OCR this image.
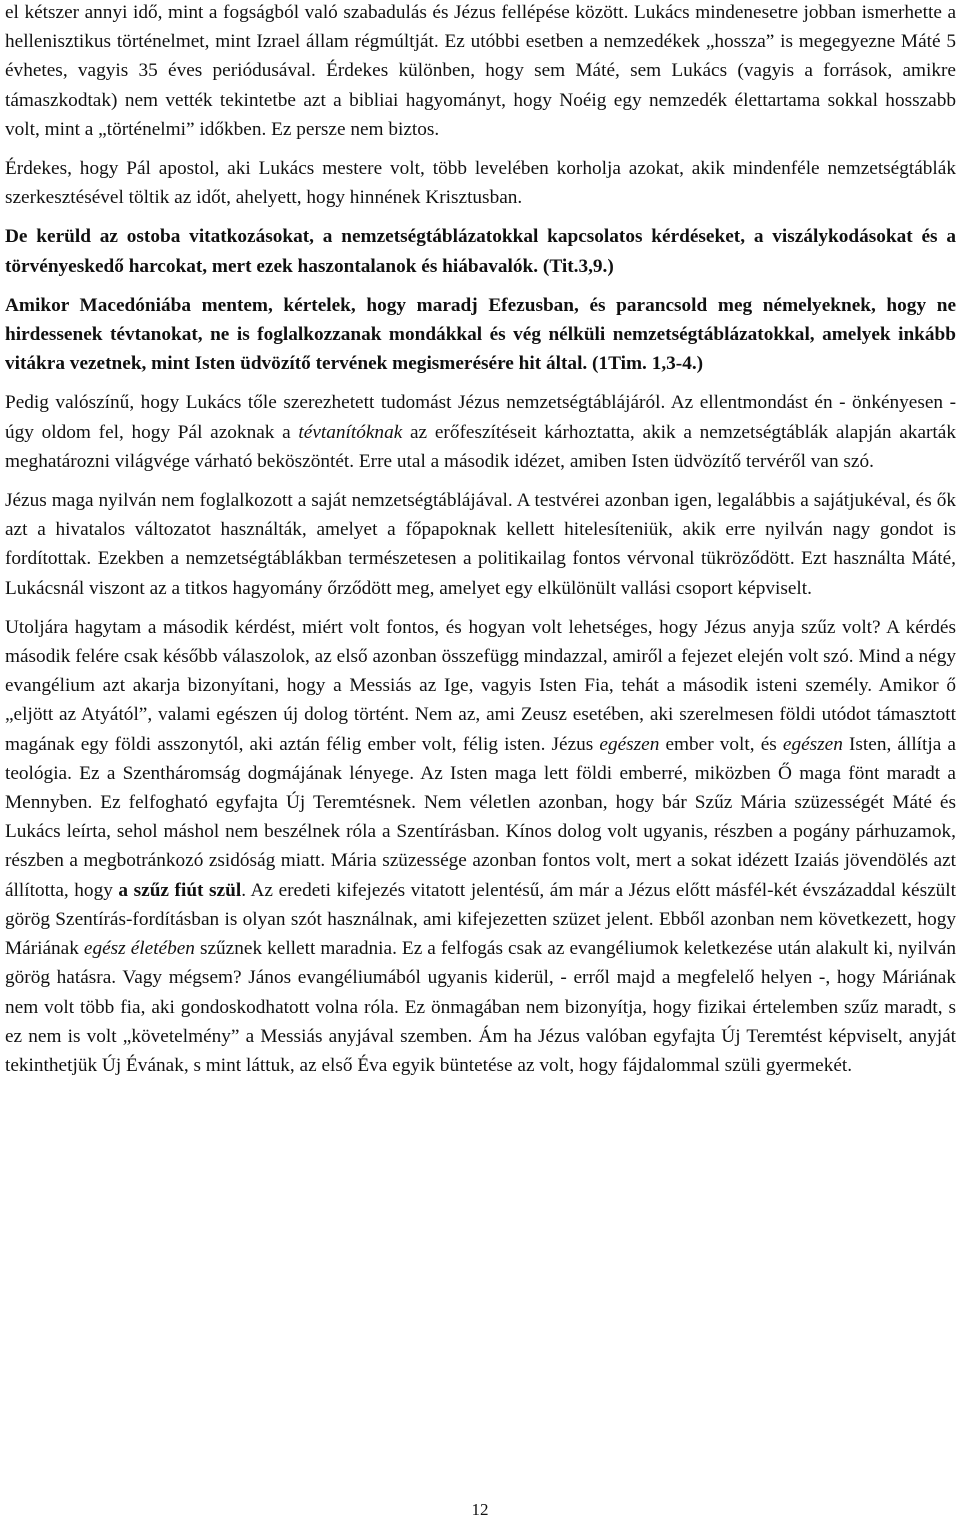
el kétszer annyi idő, mint a fogságból való szabadulás és Jézus fellépése között. Lukács mindenesetre jobban ismerhette a hellenisztikus történelmet, mint Izrael állam régmúltját. Ez utóbbi esetben a nemzedékek „hossza” is megegyezne Máté 5 évhetes, vagyis 35 éves periódusával. Érdekes különben, hogy sem Máté, sem Lukács (vagyis a források, amikre támaszkodtak) nem vették tekintetbe azt a bibliai hagyományt, hogy Noéig egy nemzedék élettartama sokkal hosszabb volt, mint a „történelmi” időkben. Ez persze nem biztos.

Érdekes, hogy Pál apostol, aki Lukács mestere volt, több levelében korholja azokat, akik mindenféle nemzetségtáblák szerkesztésével töltik az időt, ahelyett, hogy hinnének Krisztusban.

De kerüld az ostoba vitatkozásokat, a nemzetségtáblázatokkal kapcsolatos kérdéseket, a viszálykodásokat és a törvényeskedő harcokat, mert ezek haszontalanok és hiábavalók. (Tit.3,9.)

Amikor Macedóniába mentem, kértelek, hogy maradj Efezusban, és parancsold meg némelyeknek, hogy ne hirdessenek tévtanokat, ne is foglalkozzanak mondákkal és vég nélküli nemzetségtáblázatokkal, amelyek inkább vitákra vezetnek, mint Isten üdvözítő tervének megismerésére hit által. (1Tim. 1,3-4.)

Pedig valószínű, hogy Lukács tőle szerezhetett tudomást Jézus nemzetségtáblájáról. Az ellentmondást én - önkényesen - úgy oldom fel, hogy Pál azoknak a tévtanítóknak az erőfeszítéseit kárhoztatta, akik a nemzetségtáblák alapján akarták meghatározni világvége várható beköszöntét. Erre utal a második idézet, amiben Isten üdvözítő tervéről van szó.

Jézus maga nyilván nem foglalkozott a saját nemzetségtáblájával. A testvérei azonban igen, legalábbis a sajátjukéval, és ők azt a hivatalos változatot használták, amelyet a főpapoknak kellett hitelesíteniük, akik erre nyilván nagy gondot is fordítottak. Ezekben a nemzetségtáblákban természetesen a politikailag fontos vérvonal tükröződött. Ezt használta Máté, Lukácsnál viszont az a titkos hagyomány őrződött meg, amelyet egy elkülönült vallási csoport képviselt.

Utoljára hagytam a második kérdést, miért volt fontos, és hogyan volt lehetséges, hogy Jézus anyja szűz volt? A kérdés második felére csak később válaszolok, az első azonban összefügg mindazzal, amiről a fejezet elején volt szó. Mind a négy evangélium azt akarja bizonyítani, hogy a Messiás az Ige, vagyis Isten Fia, tehát a második isteni személy. Amikor ő „eljött az Atyától”, valami egészen új dolog történt. Nem az, ami Zeusz esetében, aki szerelmesen földi utódot támasztott magának egy földi asszonytól, aki aztán félig ember volt, félig isten. Jézus egészen ember volt, és egészen Isten, állítja a teológia. Ez a Szentháromság dogmájának lényege. Az Isten maga lett földi emberré, miközben Ő maga fönt maradt a Mennyben. Ez felfogható egyfajta Új Teremtésnek. Nem véletlen azonban, hogy bár Szűz Mária szüzességét Máté és Lukács leírta, sehol máshol nem beszélnek róla a Szentírásban. Kínos dolog volt ugyanis, részben a pogány párhuzamok, részben a megbotránkozó zsidóság miatt. Mária szüzessége azonban fontos volt, mert a sokat idézett Izaiás jövendölés azt állította, hogy a szűz fiút szül. Az eredeti kifejezés vitatott jelentésű, ám már a Jézus előtt másfél-két évszázaddal készült görög Szentírás-fordításban is olyan szót használnak, ami kifejezetten szüzet jelent. Ebből azonban nem következett, hogy Máriának egész életében szűznek kellett maradnia. Ez a felfogás csak az evangéliumok keletkezése után alakult ki, nyilván görög hatásra. Vagy mégsem? János evangéliumából ugyanis kiderül, - erről majd a megfelelő helyen -, hogy Máriának nem volt több fia, aki gondoskodhatott volna róla. Ez önmagában nem bizonyítja, hogy fizikai értelemben szűz maradt, s ez nem is volt „követelmény” a Messiás anyjával szemben. Ám ha Jézus valóban egyfajta Új Teremtést képviselt, anyját tekinthetjük Új Évának, s mint láttuk, az első Éva egyik büntetése az volt, hogy fájdalommal szüli gyermekét.

12
